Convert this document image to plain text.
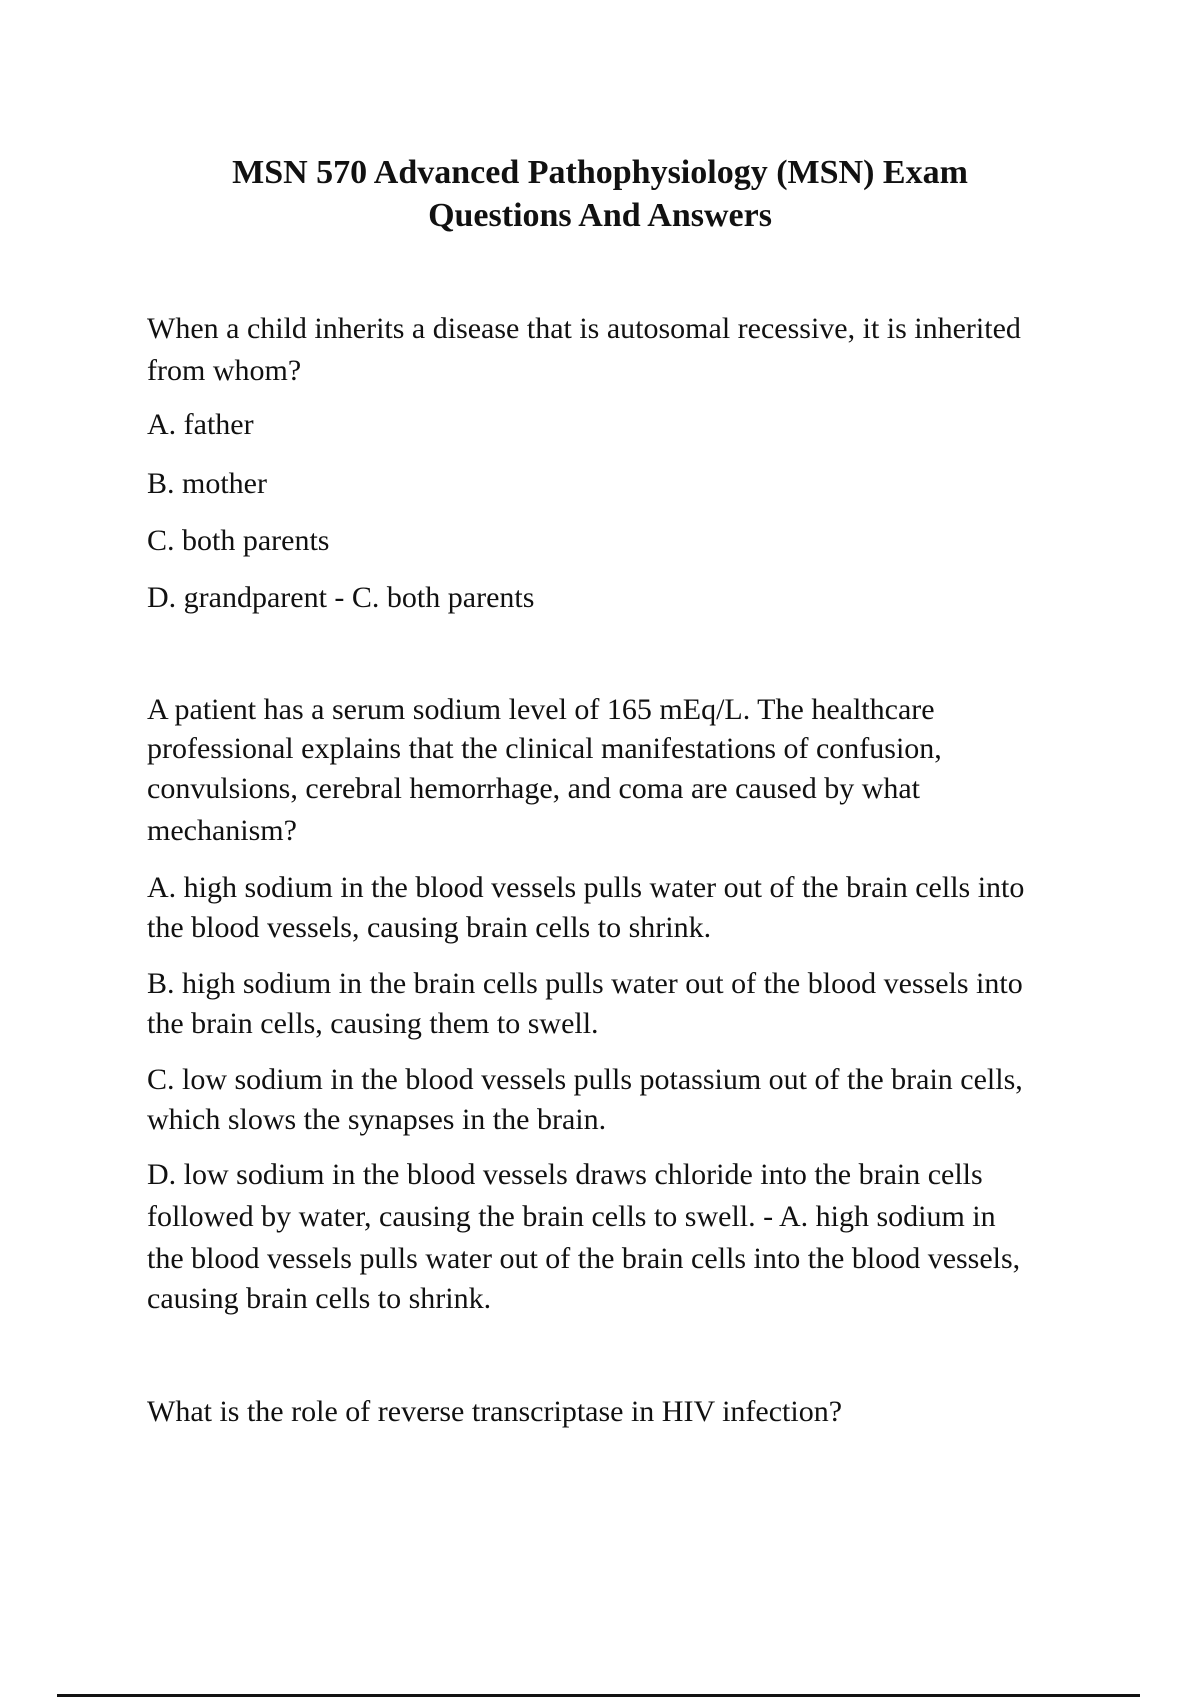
MSN 570 Advanced Pathophysiology (MSN) Exam
Questions And Answers
When a child inherits a disease that is autosomal recessive, it is inherited
from whom?
A. father
B. mother
C. both parents
D. grandparent - C. both parents
A patient has a serum sodium level of 165 mEq/L. The healthcare
professional explains that the clinical manifestations of confusion,
convulsions, cerebral hemorrhage, and coma are caused by what
mechanism?
A. high sodium in the blood vessels pulls water out of the brain cells into
the blood vessels, causing brain cells to shrink.
B. high sodium in the brain cells pulls water out of the blood vessels into
the brain cells, causing them to swell.
C. low sodium in the blood vessels pulls potassium out of the brain cells,
which slows the synapses in the brain.
D. low sodium in the blood vessels draws chloride into the brain cells
followed by water, causing the brain cells to swell. - A. high sodium in
the blood vessels pulls water out of the brain cells into the blood vessels,
causing brain cells to shrink.
What is the role of reverse transcriptase in HIV infection?
